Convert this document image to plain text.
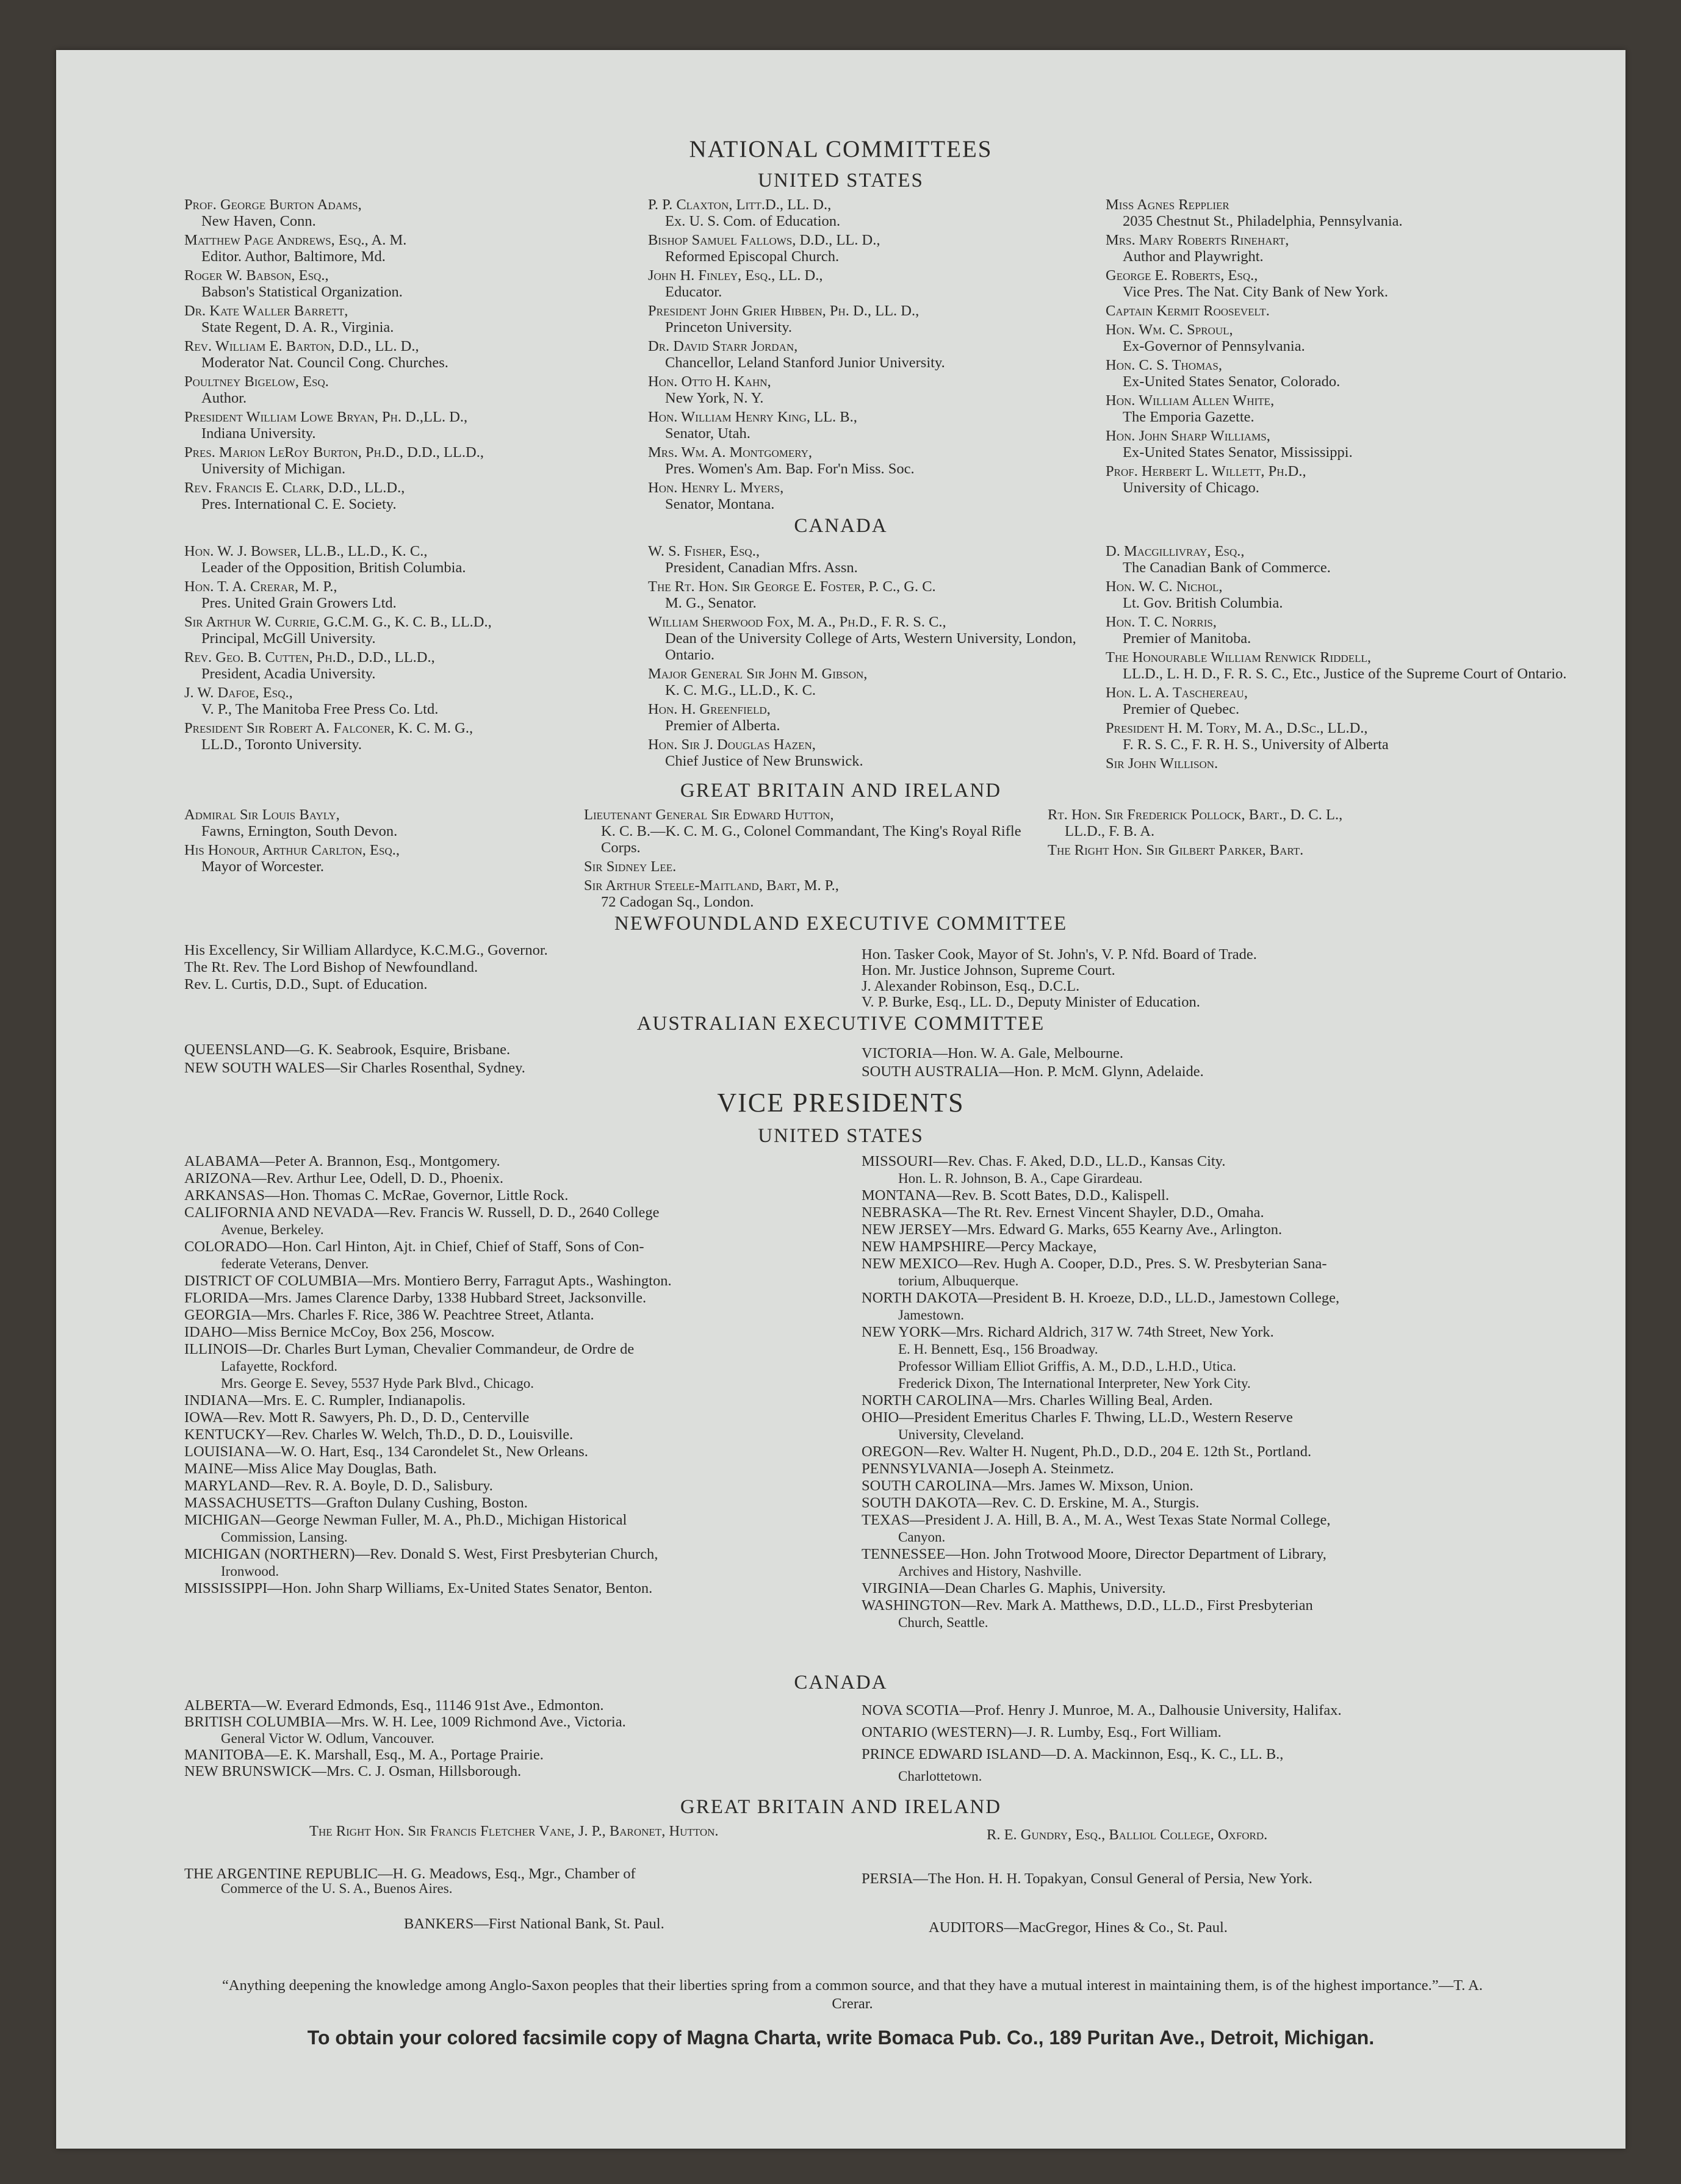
NATIONAL COMMITTEES
UNITED STATES
Prof. George Burton Adams,
New Haven, Conn.
Matthew Page Andrews, Esq., A. M.
Editor. Author, Baltimore, Md.
Roger W. Babson, Esq.,
Babson's Statistical Organization.
Dr. Kate Waller Barrett,
State Regent, D. A. R., Virginia.
Rev. William E. Barton, D.D., LL. D.,
Moderator Nat. Council Cong. Churches.
Poultney Bigelow, Esq.
Author.
President William Lowe Bryan, Ph. D.,LL. D.,
Indiana University.
Pres. Marion LeRoy Burton, Ph.D., D.D., LL.D.,
University of Michigan.
Rev. Francis E. Clark, D.D., LL.D.,
Pres. International C. E. Society.
P. P. Claxton, Litt.D., LL. D.,
Ex. U. S. Com. of Education.
Bishop Samuel Fallows, D.D., LL. D.,
Reformed Episcopal Church.
John H. Finley, Esq., LL. D.,
Educator.
President John Grier Hibben, Ph. D., LL. D.,
Princeton University.
Dr. David Starr Jordan,
Chancellor, Leland Stanford Junior University.
Hon. Otto H. Kahn,
New York, N. Y.
Hon. William Henry King, LL. B.,
Senator, Utah.
Mrs. Wm. A. Montgomery,
Pres. Women's Am. Bap. For'n Miss. Soc.
Hon. Henry L. Myers,
Senator, Montana.
Miss Agnes Repplier
2035 Chestnut St., Philadelphia, Pennsylvania.
Mrs. Mary Roberts Rinehart,
Author and Playwright.
George E. Roberts, Esq.,
Vice Pres. The Nat. City Bank of New York.
Captain Kermit Roosevelt.
Hon. Wm. C. Sproul,
Ex-Governor of Pennsylvania.
Hon. C. S. Thomas,
Ex-United States Senator, Colorado.
Hon. William Allen White,
The Emporia Gazette.
Hon. John Sharp Williams,
Ex-United States Senator, Mississippi.
Prof. Herbert L. Willett, Ph.D.,
University of Chicago.
CANADA
Hon. W. J. Bowser, LL.B., LL.D., K. C.,
Leader of the Opposition, British Columbia.
Hon. T. A. Crerar, M. P.,
Pres. United Grain Growers Ltd.
Sir Arthur W. Currie, G.C.M. G., K. C. B., LL.D.,
Principal, McGill University.
Rev. Geo. B. Cutten, Ph.D., D.D., LL.D.,
President, Acadia University.
J. W. Dafoe, Esq.,
V. P., The Manitoba Free Press Co. Ltd.
President Sir Robert A. Falconer, K. C. M. G.,
LL.D., Toronto University.
W. S. Fisher, Esq.,
President, Canadian Mfrs. Assn.
The Rt. Hon. Sir George E. Foster, P. C., G. C.
M. G., Senator.
William Sherwood Fox, M. A., Ph.D., F. R. S. C.,
Dean of the University College of Arts, Western University, London, Ontario.
Major General Sir John M. Gibson,
K. C. M.G., LL.D., K. C.
Hon. H. Greenfield,
Premier of Alberta.
Hon. Sir J. Douglas Hazen,
Chief Justice of New Brunswick.
D. Macgillivray, Esq.,
The Canadian Bank of Commerce.
Hon. W. C. Nichol,
Lt. Gov. British Columbia.
Hon. T. C. Norris,
Premier of Manitoba.
The Honourable William Renwick Riddell,
LL.D., L. H. D., F. R. S. C., Etc., Justice of the Supreme Court of Ontario.
Hon. L. A. Taschereau,
Premier of Quebec.
President H. M. Tory, M. A., D.Sc., LL.D.,
F. R. S. C., F. R. H. S., University of Alberta
Sir John Willison.
GREAT BRITAIN AND IRELAND
Admiral Sir Louis Bayly,
Fawns, Ernington, South Devon.
His Honour, Arthur Carlton, Esq.,
Mayor of Worcester.
Lieutenant General Sir Edward Hutton,
K. C. B.—K. C. M. G., Colonel Commandant, The King's Royal Rifle Corps.
Sir Sidney Lee.
Sir Arthur Steele-Maitland, Bart, M. P.,
72 Cadogan Sq., London.
Rt. Hon. Sir Frederick Pollock, Bart., D. C. L.,
LL.D., F. B. A.
The Right Hon. Sir Gilbert Parker, Bart.
NEWFOUNDLAND EXECUTIVE COMMITTEE
His Excellency, Sir William Allardyce, K.C.M.G., Governor.
The Rt. Rev. The Lord Bishop of Newfoundland.
Rev. L. Curtis, D.D., Supt. of Education.
Hon. Tasker Cook, Mayor of St. John's, V. P. Nfd. Board of Trade.
Hon. Mr. Justice Johnson, Supreme Court.
J. Alexander Robinson, Esq., D.C.L.
V. P. Burke, Esq., LL. D., Deputy Minister of Education.
AUSTRALIAN EXECUTIVE COMMITTEE
QUEENSLAND—G. K. Seabrook, Esquire, Brisbane.
NEW SOUTH WALES—Sir Charles Rosenthal, Sydney.
VICTORIA—Hon. W. A. Gale, Melbourne.
SOUTH AUSTRALIA—Hon. P. McM. Glynn, Adelaide.
VICE PRESIDENTS
UNITED STATES
ALABAMA—Peter A. Brannon, Esq., Montgomery.
ARIZONA—Rev. Arthur Lee, Odell, D. D., Phoenix.
ARKANSAS—Hon. Thomas C. McRae, Governor, Little Rock.
CALIFORNIA AND NEVADA—Rev. Francis W. Russell, D. D., 2640 College
Avenue, Berkeley.
COLORADO—Hon. Carl Hinton, Ajt. in Chief, Chief of Staff, Sons of Con-
federate Veterans, Denver.
DISTRICT OF COLUMBIA—Mrs. Montiero Berry, Farragut Apts., Washington.
FLORIDA—Mrs. James Clarence Darby, 1338 Hubbard Street, Jacksonville.
GEORGIA—Mrs. Charles F. Rice, 386 W. Peachtree Street, Atlanta.
IDAHO—Miss Bernice McCoy, Box 256, Moscow.
ILLINOIS—Dr. Charles Burt Lyman, Chevalier Commandeur, de Ordre de
Lafayette, Rockford.
Mrs. George E. Sevey, 5537 Hyde Park Blvd., Chicago.
INDIANA—Mrs. E. C. Rumpler, Indianapolis.
IOWA—Rev. Mott R. Sawyers, Ph. D., D. D., Centerville
KENTUCKY—Rev. Charles W. Welch, Th.D., D. D., Louisville.
LOUISIANA—W. O. Hart, Esq., 134 Carondelet St., New Orleans.
MAINE—Miss Alice May Douglas, Bath.
MARYLAND—Rev. R. A. Boyle, D. D., Salisbury.
MASSACHUSETTS—Grafton Dulany Cushing, Boston.
MICHIGAN—George Newman Fuller, M. A., Ph.D., Michigan Historical
Commission, Lansing.
MICHIGAN (NORTHERN)—Rev. Donald S. West, First Presbyterian Church,
Ironwood.
MISSISSIPPI—Hon. John Sharp Williams, Ex-United States Senator, Benton.
MISSOURI—Rev. Chas. F. Aked, D.D., LL.D., Kansas City.
Hon. L. R. Johnson, B. A., Cape Girardeau.
MONTANA—Rev. B. Scott Bates, D.D., Kalispell.
NEBRASKA—The Rt. Rev. Ernest Vincent Shayler, D.D., Omaha.
NEW JERSEY—Mrs. Edward G. Marks, 655 Kearny Ave., Arlington.
NEW HAMPSHIRE—Percy Mackaye,
NEW MEXICO—Rev. Hugh A. Cooper, D.D., Pres. S. W. Presbyterian Sana-
torium, Albuquerque.
NORTH DAKOTA—President B. H. Kroeze, D.D., LL.D., Jamestown College,
Jamestown.
NEW YORK—Mrs. Richard Aldrich, 317 W. 74th Street, New York.
E. H. Bennett, Esq., 156 Broadway.
Professor William Elliot Griffis, A. M., D.D., L.H.D., Utica.
Frederick Dixon, The International Interpreter, New York City.
NORTH CAROLINA—Mrs. Charles Willing Beal, Arden.
OHIO—President Emeritus Charles F. Thwing, LL.D., Western Reserve
University, Cleveland.
OREGON—Rev. Walter H. Nugent, Ph.D., D.D., 204 E. 12th St., Portland.
PENNSYLVANIA—Joseph A. Steinmetz.
SOUTH CAROLINA—Mrs. James W. Mixson, Union.
SOUTH DAKOTA—Rev. C. D. Erskine, M. A., Sturgis.
TEXAS—President J. A. Hill, B. A., M. A., West Texas State Normal College,
Canyon.
TENNESSEE—Hon. John Trotwood Moore, Director Department of Library,
Archives and History, Nashville.
VIRGINIA—Dean Charles G. Maphis, University.
WASHINGTON—Rev. Mark A. Matthews, D.D., LL.D., First Presbyterian
Church, Seattle.
CANADA
ALBERTA—W. Everard Edmonds, Esq., 11146 91st Ave., Edmonton.
BRITISH COLUMBIA—Mrs. W. H. Lee, 1009 Richmond Ave., Victoria.
General Victor W. Odlum, Vancouver.
MANITOBA—E. K. Marshall, Esq., M. A., Portage Prairie.
NEW BRUNSWICK—Mrs. C. J. Osman, Hillsborough.
NOVA SCOTIA—Prof. Henry J. Munroe, M. A., Dalhousie University, Halifax.
ONTARIO (WESTERN)—J. R. Lumby, Esq., Fort William.
PRINCE EDWARD ISLAND—D. A. Mackinnon, Esq., K. C., LL. B.,
Charlottetown.
GREAT BRITAIN AND IRELAND
The Right Hon. Sir Francis Fletcher Vane, J. P., Baronet, Hutton.	R. E. Gundry, Esq., Balliol College, Oxford.
THE ARGENTINE REPUBLIC—H. G. Meadows, Esq., Mgr., Chamber of
Commerce of the U. S. A., Buenos Aires.
PERSIA—The Hon. H. H. Topakyan, Consul General of Persia, New York.
BANKERS—First National Bank, St. Paul.	AUDITORS—MacGregor, Hines & Co., St. Paul.
“Anything deepening the knowledge among Anglo-Saxon peoples that their liberties spring from a common source, and that they have a mutual interest in maintaining them, is of the highest importance.”—T. A. Crerar.
To obtain your colored facsimile copy of Magna Charta, write Bomaca Pub. Co., 189 Puritan Ave., Detroit, Michigan.
